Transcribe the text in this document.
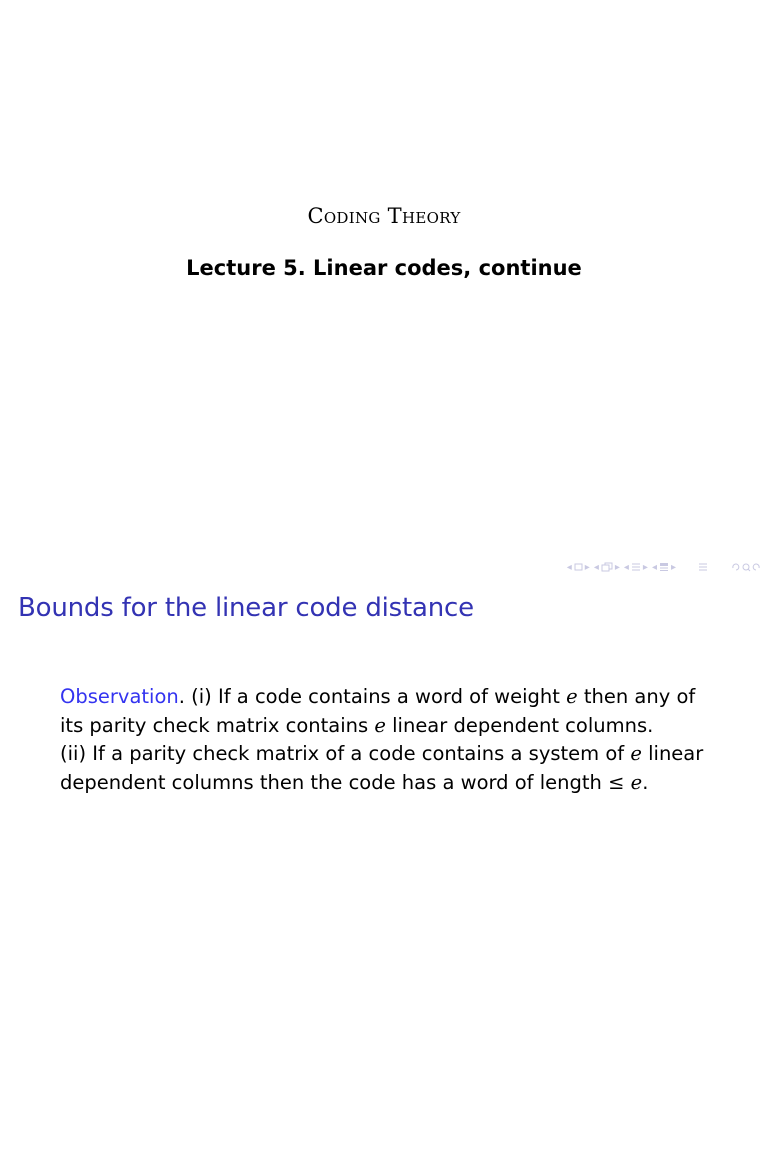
Coding Theory
Lecture 5. Linear codes, continue
◂ ▸ ◂ ▸ ◂ ▸ ◂ ▸
Bounds for the linear code distance
Observation. (i) If a code contains a word of weight e then any of
its parity check matrix contains e linear dependent columns.
(ii) If a parity check matrix of a code contains a system of e linear
dependent columns then the code has a word of length ≤ e.
